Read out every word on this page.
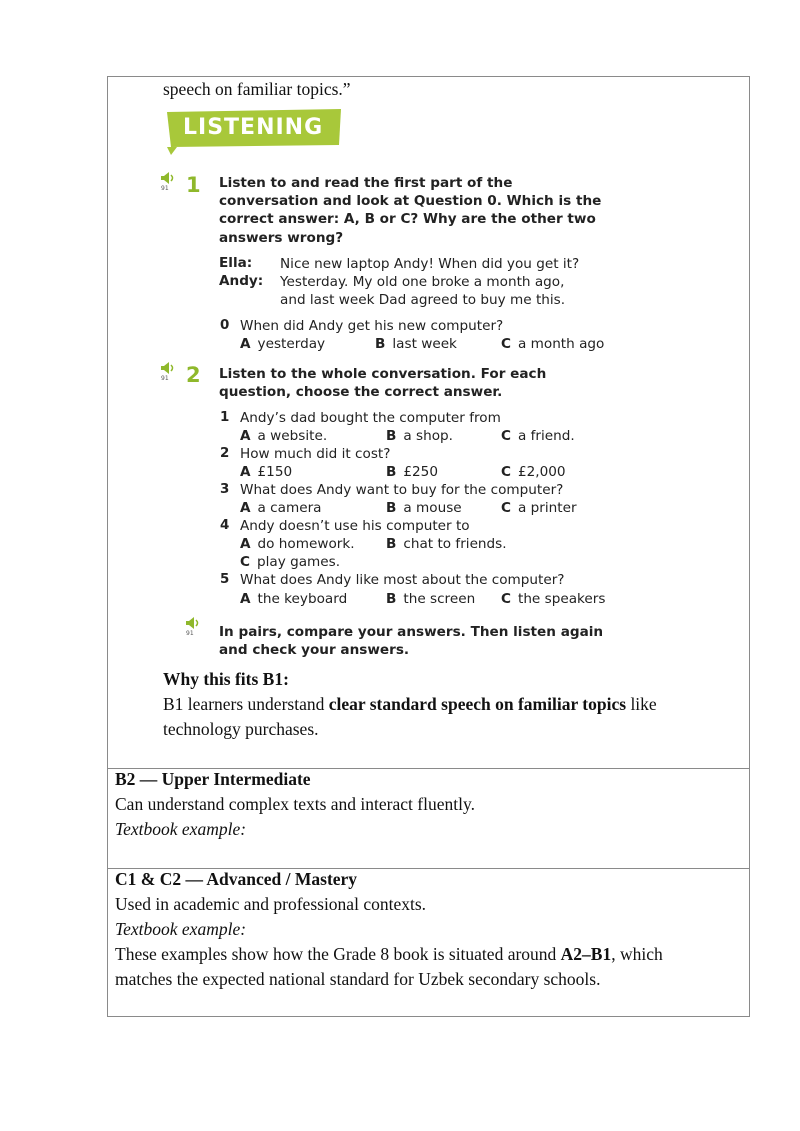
speech on familiar topics.”
LISTENING
91 1 Listen to and read the first part of the
conversation and look at Question 0. Which is the
correct answer: A, B or C? Why are the other two
answers wrong?
Ella: Nice new laptop Andy! When did you get it?
Andy: Yesterday. My old one broke a month ago,
and last week Dad agreed to buy me this.
0 When did Andy get his new computer?
A yesterday	B last week	C a month ago
91 2 Listen to the whole conversation. For each
question, choose the correct answer.
1 Andy’s dad bought the computer from
A a website.	B a shop.	C a friend.
2 How much did it cost?
A £150	B £250	C £2,000
3 What does Andy want to buy for the computer?
A a camera	B a mouse	C a printer
4 Andy doesn’t use his computer to
A do homework. B chat to friends.
C play games.
5 What does Andy like most about the computer?
A the keyboard	B the screen C the speakers
91 In pairs, compare your answers. Then listen again
and check your answers.
Why this fits B1:
B1 learners understand clear standard speech on familiar topics like
technology purchases.
B2 — Upper Intermediate
Can understand complex texts and interact fluently.
Textbook example:
C1 & C2 — Advanced / Mastery
Used in academic and professional contexts.
Textbook example:
These examples show how the Grade 8 book is situated around A2–B1, which
matches the expected national standard for Uzbek secondary schools.
